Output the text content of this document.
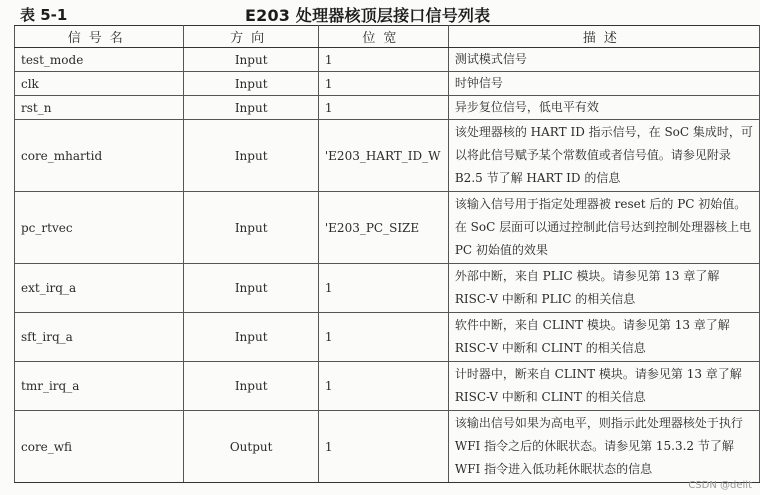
表 5-1	E203 处理器核顶层接口信号列表
信号名	方向	位宽	描述
test_mode	Input	1	测试模式信号
clk	Input	1	时钟信号
rst_n	Input	1	异步复位信号，低电平有效
core_mhartid	Input	'E203_HART_ID_W	该处理器核的 HART ID 指示信号，在 SoC 集成时，可以将此信号赋予某个常数值或者信号值。请参见附录 B2.5 节了解 HART ID 的信息
pc_rtvec	Input	'E203_PC_SIZE	该输入信号用于指定处理器被 reset 后的 PC 初始值。在 SoC 层面可以通过控制此信号达到控制处理器核上电 PC 初始值的效果
ext_irq_a	Input	1	外部中断，来自 PLIC 模块。请参见第 13 章了解 RISC-V 中断和 PLIC 的相关信息
sft_irq_a	Input	1	软件中断，来自 CLINT 模块。请参见第 13 章了解 RISC-V 中断和 CLINT 的相关信息
tmr_irq_a	Input	1	计时器中，断来自 CLINT 模块。请参见第 13 章了解 RISC-V 中断和 CLINT 的相关信息
core_wfi	Output	1	该输出信号如果为高电平，则指示此处理器核处于执行 WFI 指令之后的休眠状态。请参见第 15.3.2 节了解 WFI 指令进入低功耗休眠状态的信息
CSDN @deilt
